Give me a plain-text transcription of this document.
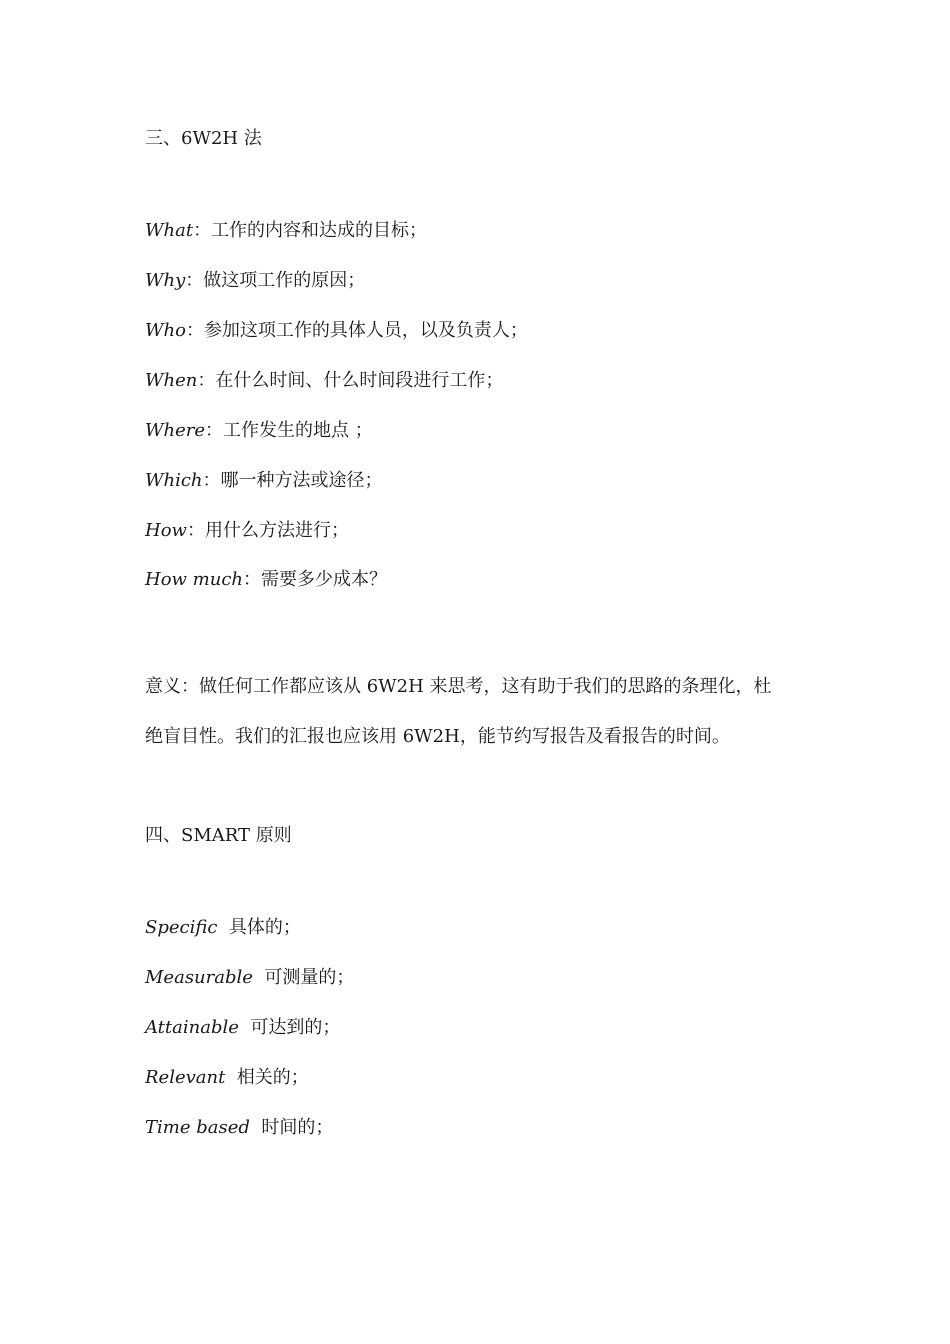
三、6W2H 法
What：工作的内容和达成的目标；
Why：做这项工作的原因；
Who：参加这项工作的具体人员，以及负责人；
When：在什么时间、什么时间段进行工作；
Where：工作发生的地点 ；
Which：哪一种方法或途径；
How：用什么方法进行；
How much：需要多少成本？
意义：做任何工作都应该从 6W2H 来思考，这有助于我们的思路的条理化，杜
绝盲目性。我们的汇报也应该用 6W2H，能节约写报告及看报告的时间。
四、SMART 原则
Specific 具体的；
Measurable 可测量的；
Attainable 可达到的；
Relevant 相关的；
Time based 时间的；
